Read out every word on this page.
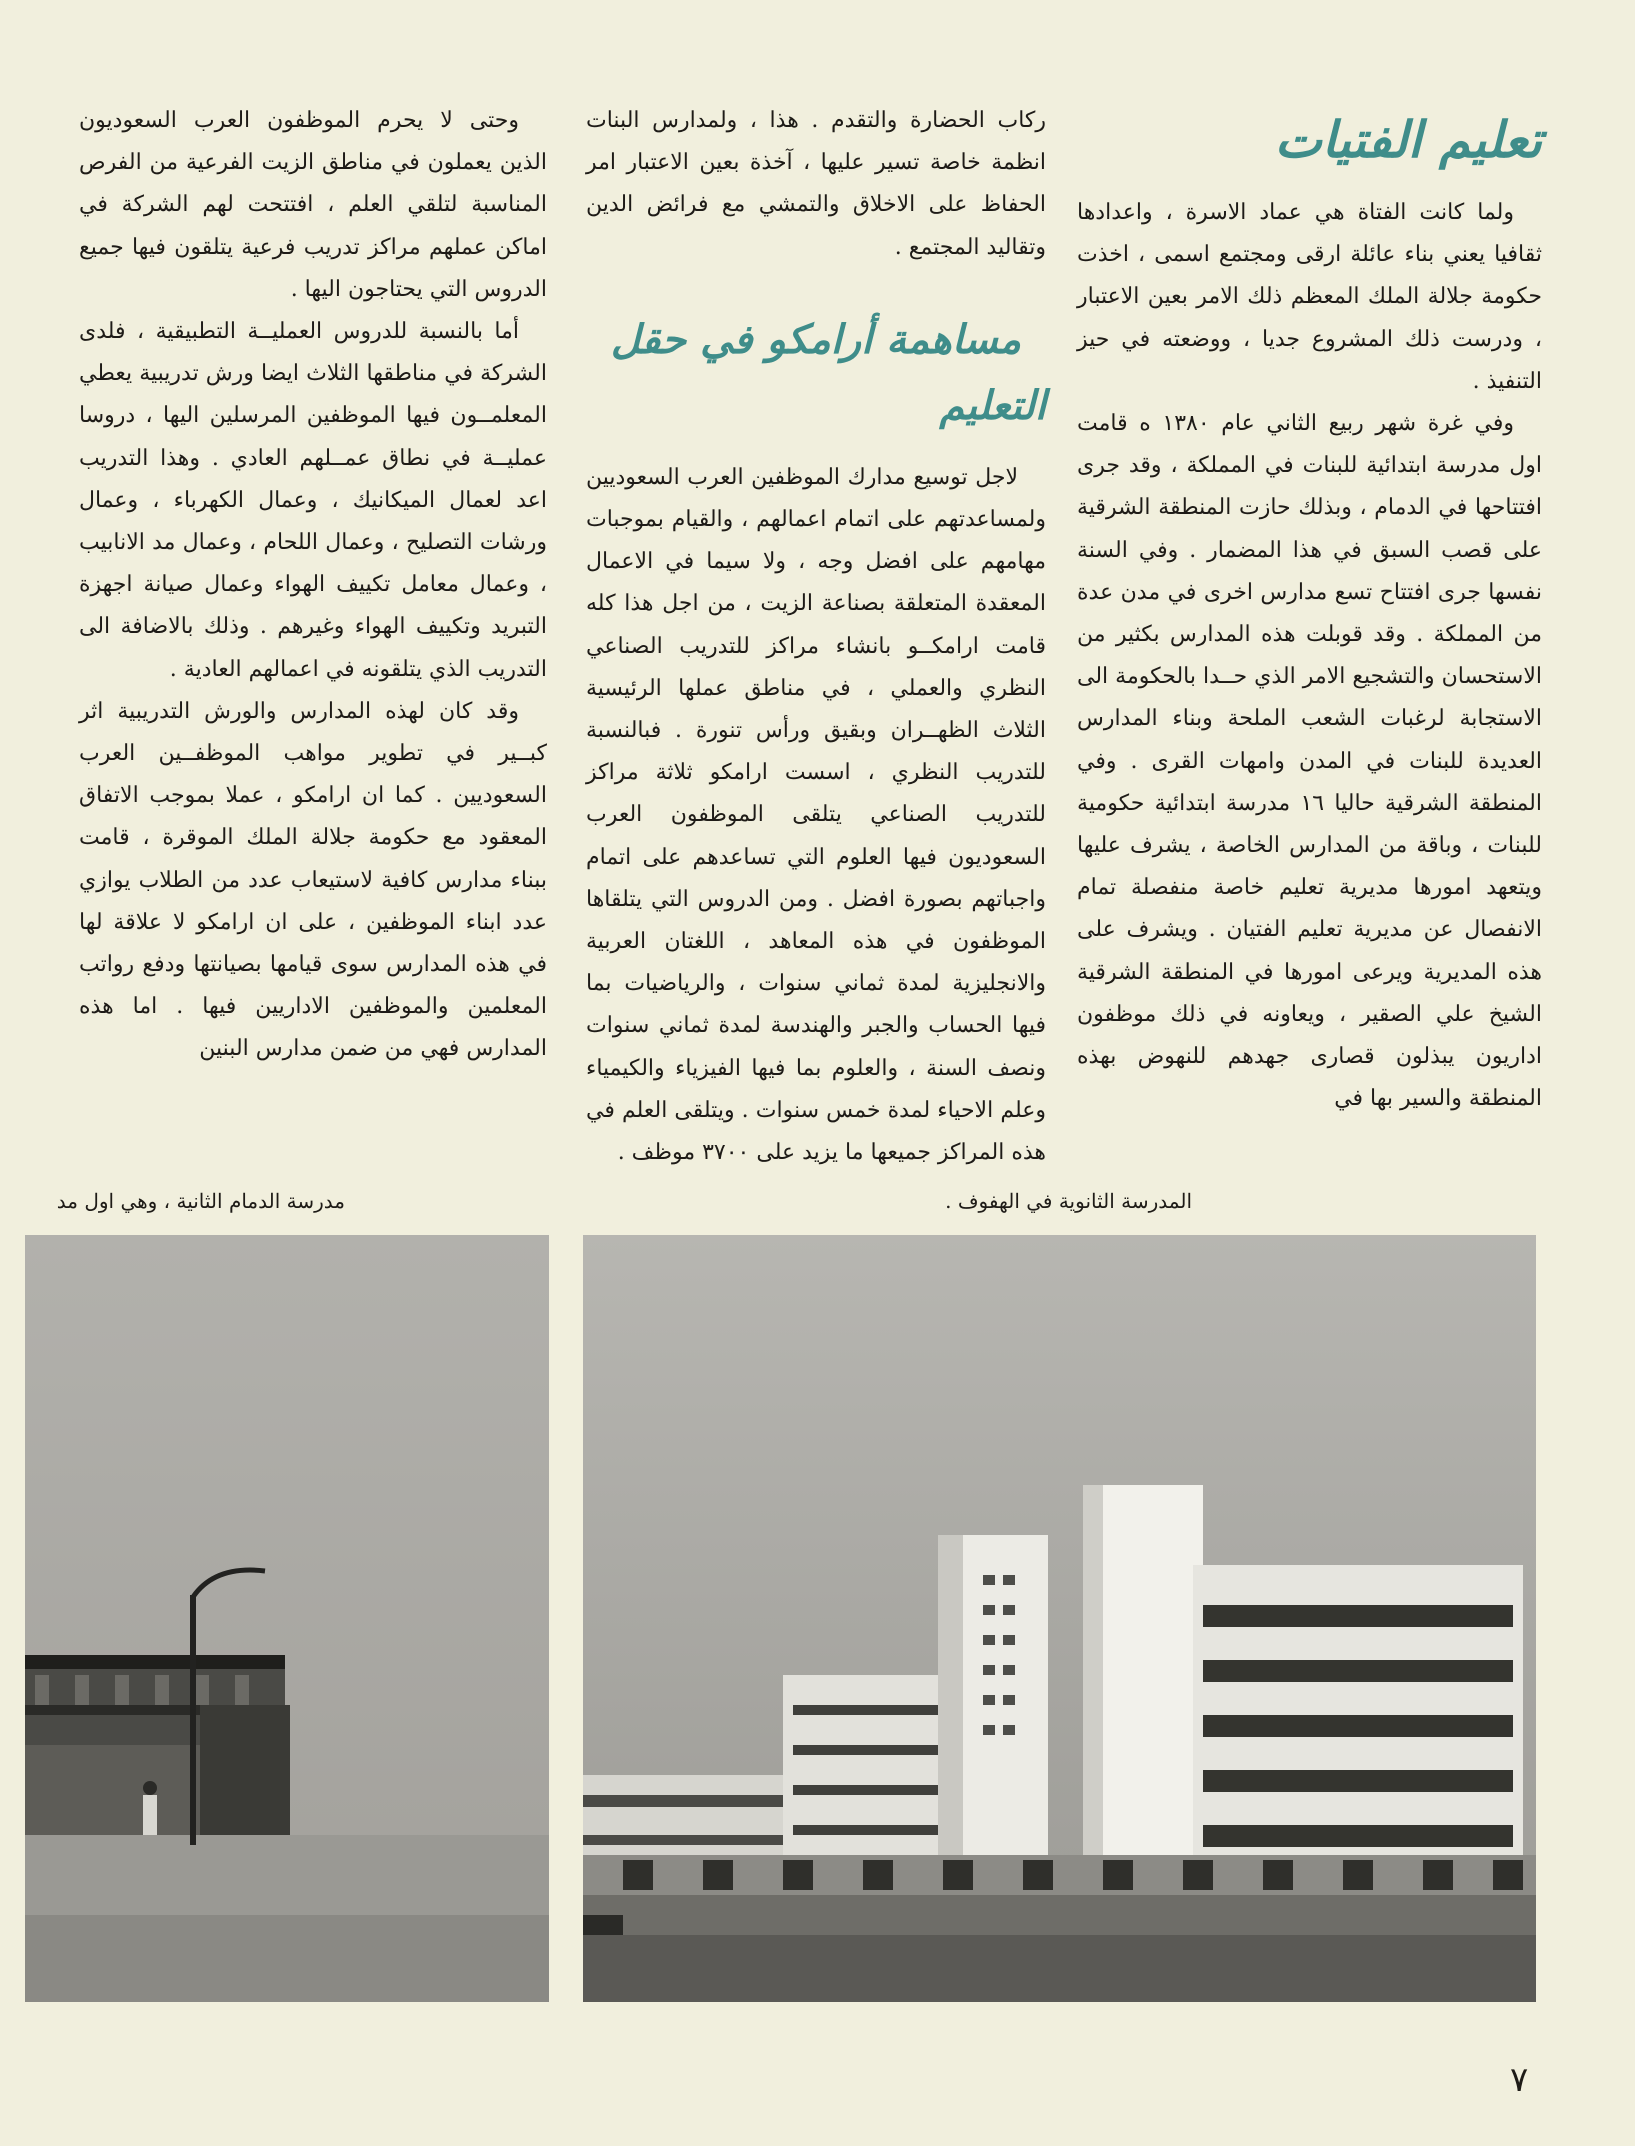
تعليم الفتيات

ولما كانت الفتاة هي عماد الاسرة ، واعدادها ثقافيا يعني بناء عائلة ارقى ومجتمع اسمى ، اخذت حكومة جلالة الملك المعظم ذلك الامر بعين الاعتبار ، ودرست ذلك المشروع جديا ، ووضعته في حيز التنفيذ .

وفي غرة شهر ربيع الثاني عام ١٣٨٠ ه قامت اول مدرسة ابتدائية للبنات في المملكة ، وقد جرى افتتاحها في الدمام ، وبذلك حازت المنطقة الشرقية على قصب السبق في هذا المضمار . وفي السنة نفسها جرى افتتاح تسع مدارس اخرى في مدن عدة من المملكة . وقد قوبلت هذه المدارس بكثير من الاستحسان والتشجيع الامر الذي حــدا بالحكومة الى الاستجابة لرغبات الشعب الملحة وبناء المدارس العديدة للبنات في المدن وامهات القرى . وفي المنطقة الشرقية حاليا ١٦ مدرسة ابتدائية حكومية للبنات ، وباقة من المدارس الخاصة ، يشرف عليها ويتعهد امورها مديرية تعليم خاصة منفصلة تمام الانفصال عن مديرية تعليم الفتيان . ويشرف على هذه المديرية ويرعى امورها في المنطقة الشرقية الشيخ علي الصقير ، ويعاونه في ذلك موظفون اداريون يبذلون قصارى جهدهم للنهوض بهذه المنطقة والسير بها في

ركاب الحضارة والتقدم . هذا ، ولمدارس البنات انظمة خاصة تسير عليها ، آخذة بعين الاعتبار امر الحفاظ على الاخلاق والتمشي مع فرائض الدين وتقاليد المجتمع .

مساهمة أرامكو في حقل التعليم

لاجل توسيع مدارك الموظفين العرب السعوديين ولمساعدتهم على اتمام اعمالهم ، والقيام بموجبات مهامهم على افضل وجه ، ولا سيما في الاعمال المعقدة المتعلقة بصناعة الزيت ، من اجل هذا كله قامت ارامكــو بانشاء مراكز للتدريب الصناعي النظري والعملي ، في مناطق عملها الرئيسية الثلاث الظهــران وبقيق ورأس تنورة . فبالنسبة للتدريب النظري ، اسست ارامكو ثلاثة مراكز للتدريب الصناعي يتلقى الموظفون العرب السعوديون فيها العلوم التي تساعدهم على اتمام واجباتهم بصورة افضل . ومن الدروس التي يتلقاها الموظفون في هذه المعاهد ، اللغتان العربية والانجليزية لمدة ثماني سنوات ، والرياضيات بما فيها الحساب والجبر والهندسة لمدة ثماني سنوات ونصف السنة ، والعلوم بما فيها الفيزياء والكيمياء وعلم الاحياء لمدة خمس سنوات . ويتلقى العلم في هذه المراكز جميعها ما يزيد على ٣٧٠٠ موظف .

وحتى لا يحرم الموظفون العرب السعوديون الذين يعملون في مناطق الزيت الفرعية من الفرص المناسبة لتلقي العلم ، افتتحت لهم الشركة في اماكن عملهم مراكز تدريب فرعية يتلقون فيها جميع الدروس التي يحتاجون اليها .

أما بالنسبة للدروس العمليــة التطبيقية ، فلدى الشركة في مناطقها الثلاث ايضا ورش تدريبية يعطي المعلمــون فيها الموظفين المرسلين اليها ، دروسا عمليــة في نطاق عمــلهم العادي . وهذا التدريب اعد لعمال الميكانيك ، وعمال الكهرباء ، وعمال ورشات التصليح ، وعمال اللحام ، وعمال مد الانابيب ، وعمال معامل تكييف الهواء وعمال صيانة اجهزة التبريد وتكييف الهواء وغيرهم . وذلك بالاضافة الى التدريب الذي يتلقونه في اعمالهم العادية .

وقد كان لهذه المدارس والورش التدريبية اثر كبــير في تطوير مواهب الموظفــين العرب السعوديين . كما ان ارامكو ، عملا بموجب الاتفاق المعقود مع حكومة جلالة الملك الموقرة ، قامت ببناء مدارس كافية لاستيعاب عدد من الطلاب يوازي عدد ابناء الموظفين ، على ان ارامكو لا علاقة لها في هذه المدارس سوى قيامها بصيانتها ودفع رواتب المعلمين والموظفين الاداريين فيها . اما هذه المدارس فهي من ضمن مدارس البنين

المدرسة الثانوية في الهفوف .
مدرسة الدمام الثانية ، وهي اول مد
٧
